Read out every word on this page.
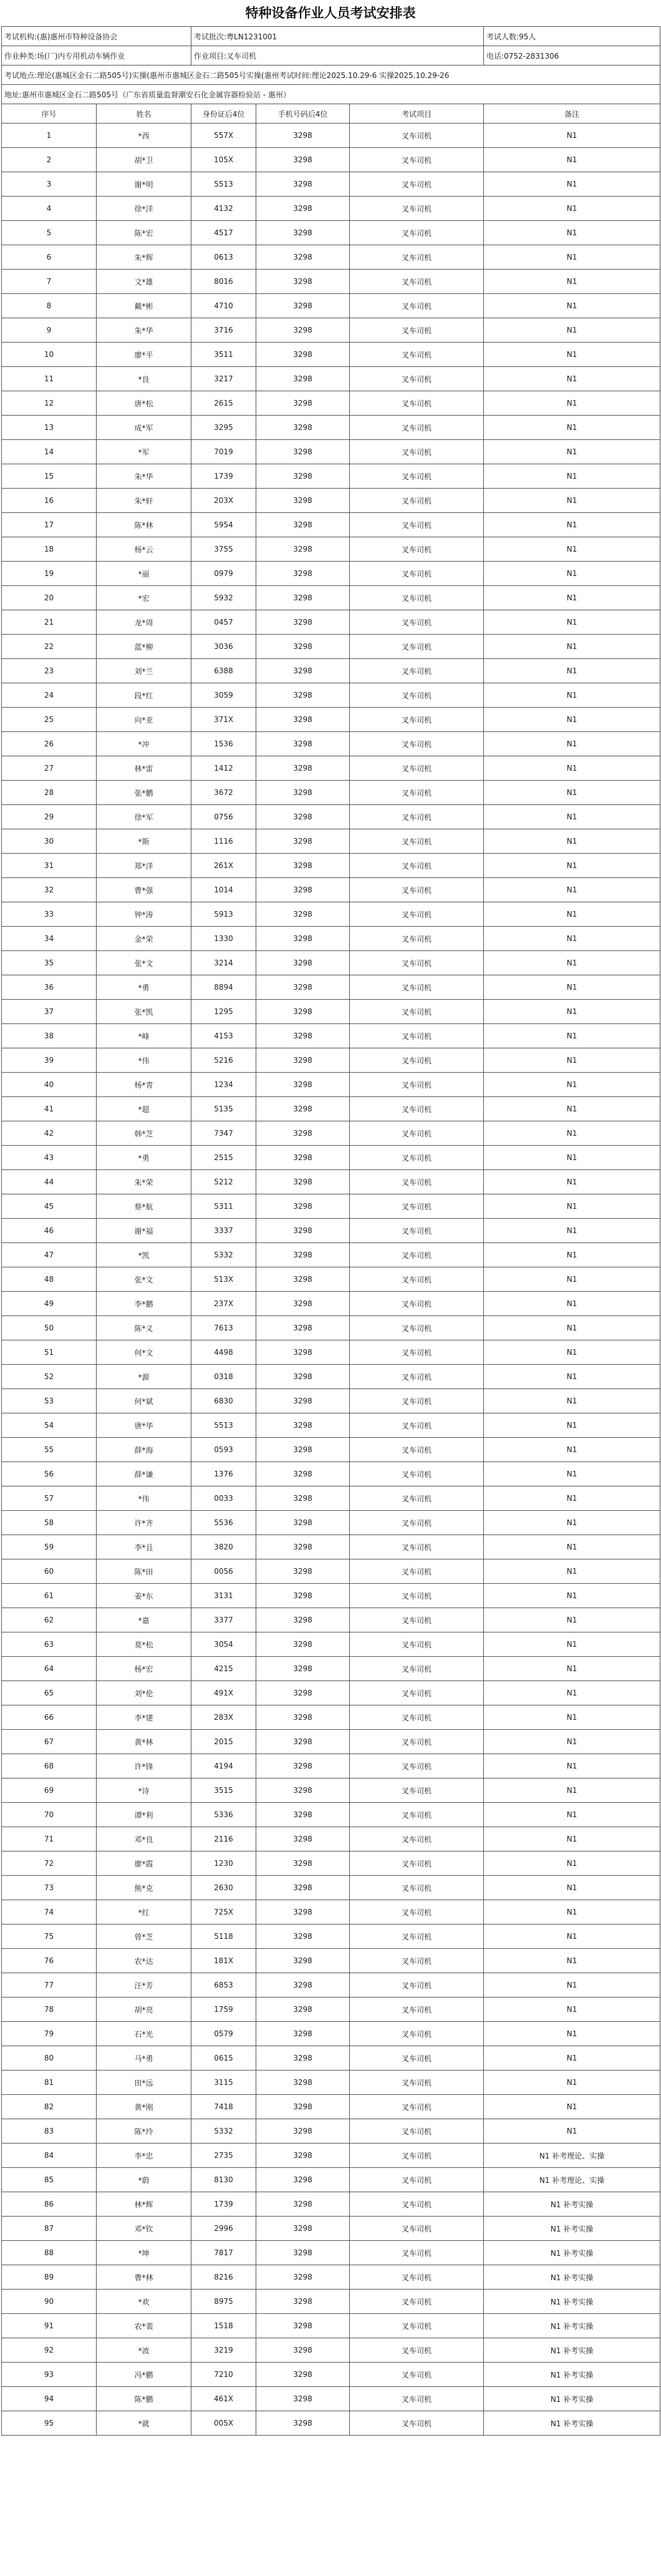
特种设备作业人员考试安排表
考试机构:(惠)惠州市特种设备协会		考试批次:粤LN1231001			考试人数:95人
作业种类:场(厂)内专用机动车辆作业		作业项目:叉车司机			电话:0752-2831306
考试地点:理论(惠城区金石二路505号)实操(惠州市惠城区金石二路505号实操(惠州考试时间:理论2025.10.29-6 实操2025.10.29-26					
地址:惠州市惠城区金石二路505号（广东省质量监督潮安石化金属容器检验站 - 惠州）					
序号	姓名	身份证后4位	手机号码后4位	考试项目	备注
1	*西	557X	3298	叉车司机	N1
2	胡*卫	105X	3298	叉车司机	N1
3	谢*明	5513	3298	叉车司机	N1
4	徐*洋	4132	3298	叉车司机	N1
5	陈*宏	4517	3298	叉车司机	N1
6	朱*辉	0613	3298	叉车司机	N1
7	文*雄	8016	3298	叉车司机	N1
8	戴*彬	4710	3298	叉车司机	N1
9	朱*华	3716	3298	叉车司机	N1
10	廖*平	3511	3298	叉车司机	N1
11	*良	3217	3298	叉车司机	N1
12	唐*松	2615	3298	叉车司机	N1
13	成*军	3295	3298	叉车司机	N1
14	*军	7019	3298	叉车司机	N1
15	朱*华	1739	3298	叉车司机	N1
16	朱*轩	203X	3298	叉车司机	N1
17	陈*林	5954	3298	叉车司机	N1
18	杨*云	3755	3298	叉车司机	N1
19	*丽	0979	3298	叉车司机	N1
20	*宏	5932	3298	叉车司机	N1
21	龙*周	0457	3298	叉车司机	N1
22	蓝*柳	3036	3298	叉车司机	N1
23	刘*兰	6388	3298	叉车司机	N1
24	段*红	3059	3298	叉车司机	N1
25	向*亚	371X	3298	叉车司机	N1
26	*冲	1536	3298	叉车司机	N1
27	林*雷	1412	3298	叉车司机	N1
28	张*鹏	3672	3298	叉车司机	N1
29	徐*军	0756	3298	叉车司机	N1
30	*斯	1116	3298	叉车司机	N1
31	郑*洋	261X	3298	叉车司机	N1
32	曹*强	1014	3298	叉车司机	N1
33	钟*涛	5913	3298	叉车司机	N1
34	金*荣	1330	3298	叉车司机	N1
35	张*文	3214	3298	叉车司机	N1
36	*勇	8894	3298	叉车司机	N1
37	张*凯	1295	3298	叉车司机	N1
38	*峰	4153	3298	叉车司机	N1
39	*伟	5216	3298	叉车司机	N1
40	杨*青	1234	3298	叉车司机	N1
41	*超	5135	3298	叉车司机	N1
42	韩*芝	7347	3298	叉车司机	N1
43	*勇	2515	3298	叉车司机	N1
44	朱*荣	5212	3298	叉车司机	N1
45	蔡*航	5311	3298	叉车司机	N1
46	谢*福	3337	3298	叉车司机	N1
47	*凯	5332	3298	叉车司机	N1
48	张*文	513X	3298	叉车司机	N1
49	李*鹏	237X	3298	叉车司机	N1
50	陈*义	7613	3298	叉车司机	N1
51	何*文	4498	3298	叉车司机	N1
52	*源	0318	3298	叉车司机	N1
53	何*斌	6830	3298	叉车司机	N1
54	唐*华	5513	3298	叉车司机	N1
55	薛*海	0593	3298	叉车司机	N1
56	薛*谦	1376	3298	叉车司机	N1
57	*伟	0033	3298	叉车司机	N1
58	许*齐	5536	3298	叉车司机	N1
59	李*且	3820	3298	叉车司机	N1
60	陈*田	0056	3298	叉车司机	N1
61	姜*东	3131	3298	叉车司机	N1
62	*嘉	3377	3298	叉车司机	N1
63	莫*松	3054	3298	叉车司机	N1
64	杨*宏	4215	3298	叉车司机	N1
65	刘*伦	491X	3298	叉车司机	N1
66	李*建	283X	3298	叉车司机	N1
67	黄*林	2015	3298	叉车司机	N1
68	许*锋	4194	3298	叉车司机	N1
69	*诗	3515	3298	叉车司机	N1
70	谭*利	5336	3298	叉车司机	N1
71	邓*良	2116	3298	叉车司机	N1
72	廖*霞	1230	3298	叉车司机	N1
73	熊*克	2630	3298	叉车司机	N1
74	*红	725X	3298	叉车司机	N1
75	曾*芝	5118	3298	叉车司机	N1
76	农*达	181X	3298	叉车司机	N1
77	汪*芳	6853	3298	叉车司机	N1
78	胡*亮	1759	3298	叉车司机	N1
79	石*光	0579	3298	叉车司机	N1
80	马*勇	0615	3298	叉车司机	N1
81	田*远	3115	3298	叉车司机	N1
82	黄*刚	7418	3298	叉车司机	N1
83	陈*玲	5332	3298	叉车司机	N1
84	李*忠	2735	3298	叉车司机	N1 补考理论、实操
85	*蔚	8130	3298	叉车司机	N1 补考理论、实操
86	林*辉	1739	3298	叉车司机	N1 补考实操
87	邓*钦	2996	3298	叉车司机	N1 补考实操
88	*坤	7817	3298	叉车司机	N1 补考实操
89	曹*林	8216	3298	叉车司机	N1 补考实操
90	*欢	8975	3298	叉车司机	N1 补考实操
91	农*裴	1518	3298	叉车司机	N1 补考实操
92	*波	3219	3298	叉车司机	N1 补考实操
93	冯*鹏	7210	3298	叉车司机	N1 补考实操
94	陈*鹏	461X	3298	叉车司机	N1 补考实操
95	*就	005X	3298	叉车司机	N1 补考实操
